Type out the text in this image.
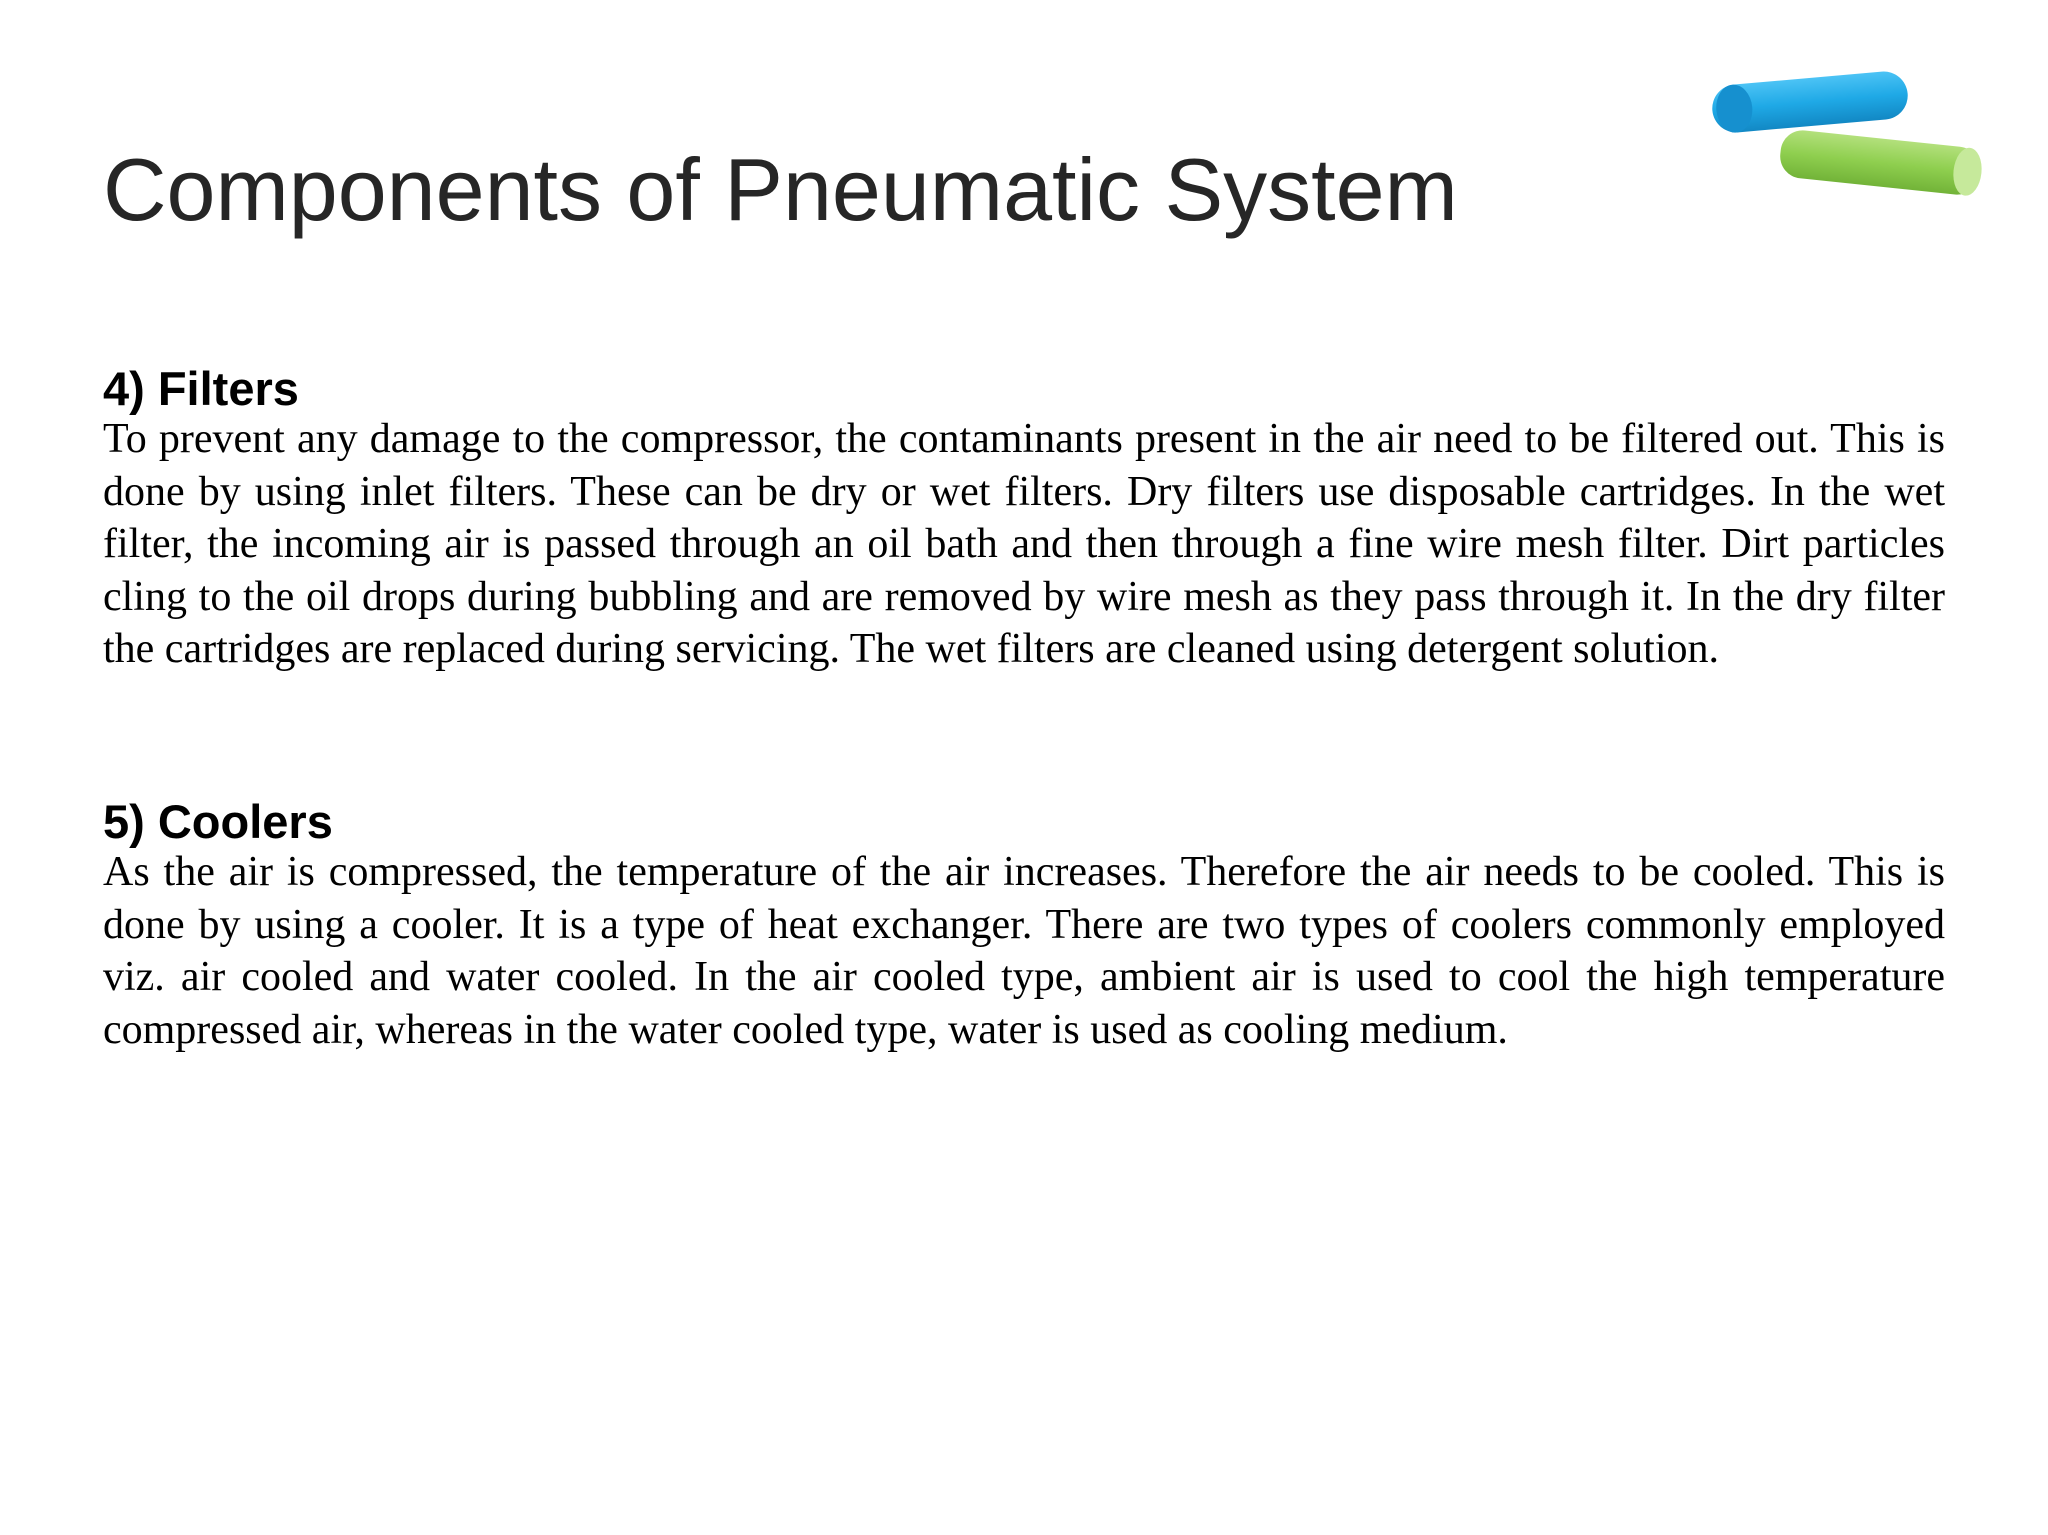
Components of Pneumatic System
4) Filters

To prevent any damage to the compressor, the contaminants present in the air need to be filtered out. This is done by using inlet filters. These can be dry or wet filters. Dry filters use disposable cartridges. In the wet filter, the incoming air is passed through an oil bath and then through a fine wire mesh filter. Dirt particles cling to the oil drops during bubbling and are removed by wire mesh as they pass through it. In the dry filter the cartridges are replaced during servicing. The wet filters are cleaned using detergent solution.

5) Coolers

As the air is compressed, the temperature of the air increases. Therefore the air needs to be cooled. This is done by using a cooler. It is a type of heat exchanger. There are two types of coolers commonly employed viz. air cooled and water cooled. In the air cooled type, ambient air is used to cool the high temperature compressed air, whereas in the water cooled type, water is used as cooling medium.
